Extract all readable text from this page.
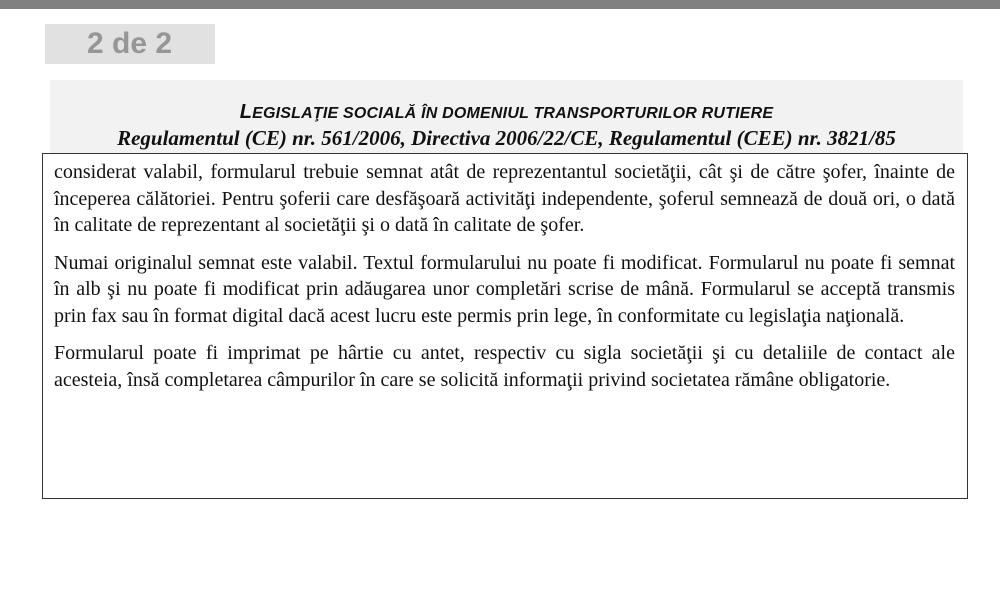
2 de 2
LEGISLAŢIE SOCIALĂ ÎN DOMENIUL TRANSPORTURILOR RUTIERE
Regulamentul (CE) nr. 561/2006, Directiva 2006/22/CE, Regulamentul (CEE) nr. 3821/85

considerat valabil, formularul trebuie semnat atât de reprezentantul societăţii, cât şi de către şofer, înainte de începerea călătoriei. Pentru şoferii care desfăşoară activităţi independente, şoferul semnează de două ori, o dată în calitate de reprezentant al societăţii şi o dată în calitate de şofer.

Numai originalul semnat este valabil. Textul formularului nu poate fi modificat. Formularul nu poate fi semnat în alb şi nu poate fi modificat prin adăugarea unor completări scrise de mână. Formularul se acceptă transmis prin fax sau în format digital dacă acest lucru este permis prin lege, în conformitate cu legislaţia naţională.

Formularul poate fi imprimat pe hârtie cu antet, respectiv cu sigla societăţii şi cu detaliile de contact ale acesteia, însă completarea câmpurilor în care se solicită informaţii privind societatea rămâne obligatorie.
